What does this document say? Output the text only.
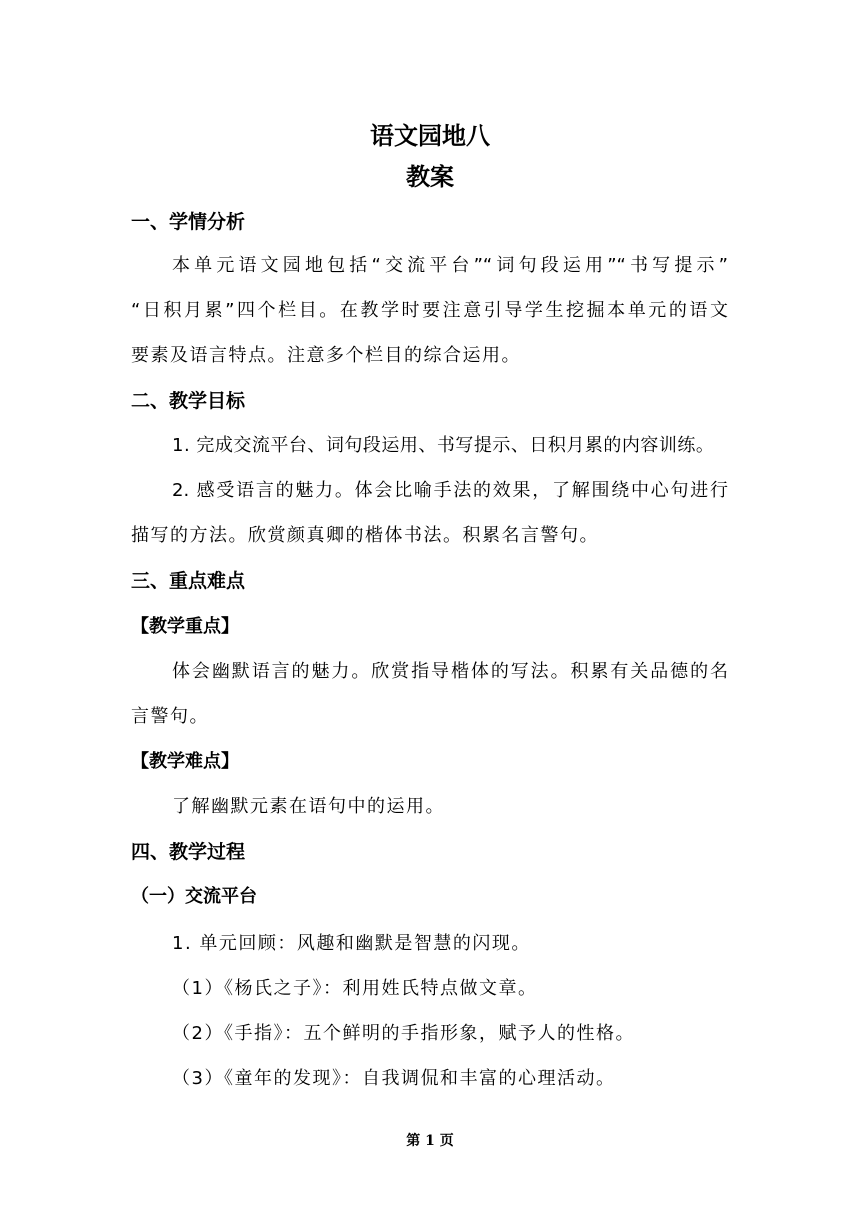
语文园地八
教案
一、学情分析
本单元语文园地包括“交流平台”“词句段运用”“书写提示”
“日积月累”四个栏目。在教学时要注意引导学生挖掘本单元的语文
要素及语言特点。注意多个栏目的综合运用。
二、教学目标
1. 完成交流平台、词句段运用、书写提示、日积月累的内容训练。
2. 感受语言的魅力。体会比喻手法的效果，了解围绕中心句进行
描写的方法。欣赏颜真卿的楷体书法。积累名言警句。
三、重点难点
【教学重点】
体会幽默语言的魅力。欣赏指导楷体的写法。积累有关品德的名
言警句。
【教学难点】
了解幽默元素在语句中的运用。
四、教学过程
（一）交流平台
1. 单元回顾：风趣和幽默是智慧的闪现。
（1）《杨氏之子》：利用姓氏特点做文章。
（2）《手指》：五个鲜明的手指形象，赋予人的性格。
（3）《童年的发现》：自我调侃和丰富的心理活动。
第 1 页
